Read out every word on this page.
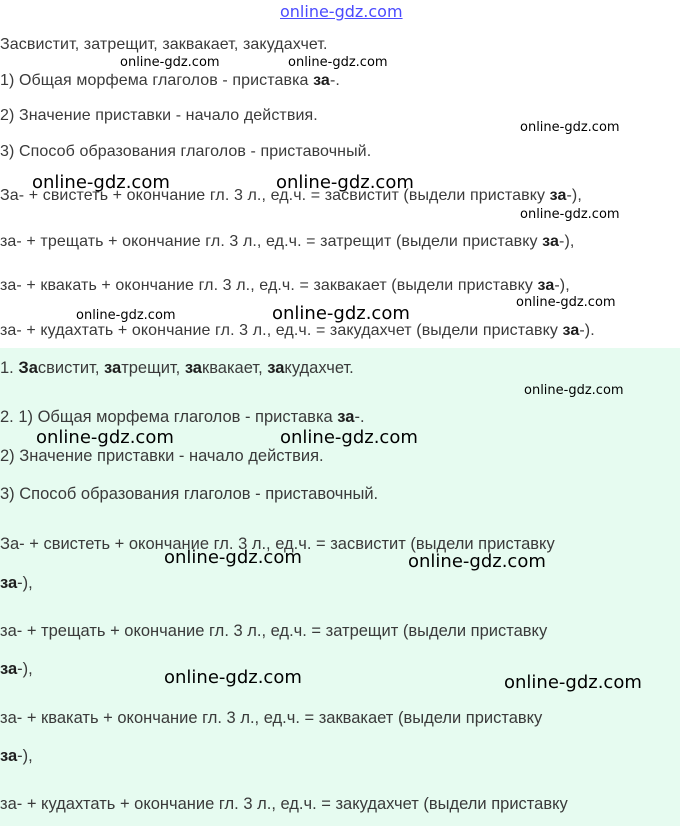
online-gdz.com
Засвистит, затрещит, заквакает, закудахчет.
1) Общая морфема глаголов - приставка за-.
2) Значение приставки - начало действия.
3) Способ образования глаголов - приставочный.
За- + свистеть + окончание гл. 3 л., ед.ч. = засвистит (выдели приставку за-),
за- + трещать + окончание гл. 3 л., ед.ч. = затрещит (выдели приставку за-),
за- + квакать + окончание гл. 3 л., ед.ч. = заквакает (выдели приставку за-),
за- + кудахтать + окончание гл. 3 л., ед.ч. = закудахчет (выдели приставку за-).
1. Засвистит, затрещит, заквакает, закудахчет.
2. 1) Общая морфема глаголов - приставка за-.
2) Значение приставки - начало действия.
3) Способ образования глаголов - приставочный.
За- + свистеть + окончание гл. 3 л., ед.ч. = засвистит (выдели приставку
за-),
за- + трещать + окончание гл. 3 л., ед.ч. = затрещит (выдели приставку
за-),
за- + квакать + окончание гл. 3 л., ед.ч. = заквакает (выдели приставку
за-),
за- + кудахтать + окончание гл. 3 л., ед.ч. = закудахчет (выдели приставку
online-gdz.com	online-gdz.com
online-gdz.com
online-gdz.com	online-gdz.com
online-gdz.com
online-gdz.com
online-gdz.com	online-gdz.com
online-gdz.com
online-gdz.com	online-gdz.com
online-gdz.com	online-gdz.com
online-gdz.com	online-gdz.com
